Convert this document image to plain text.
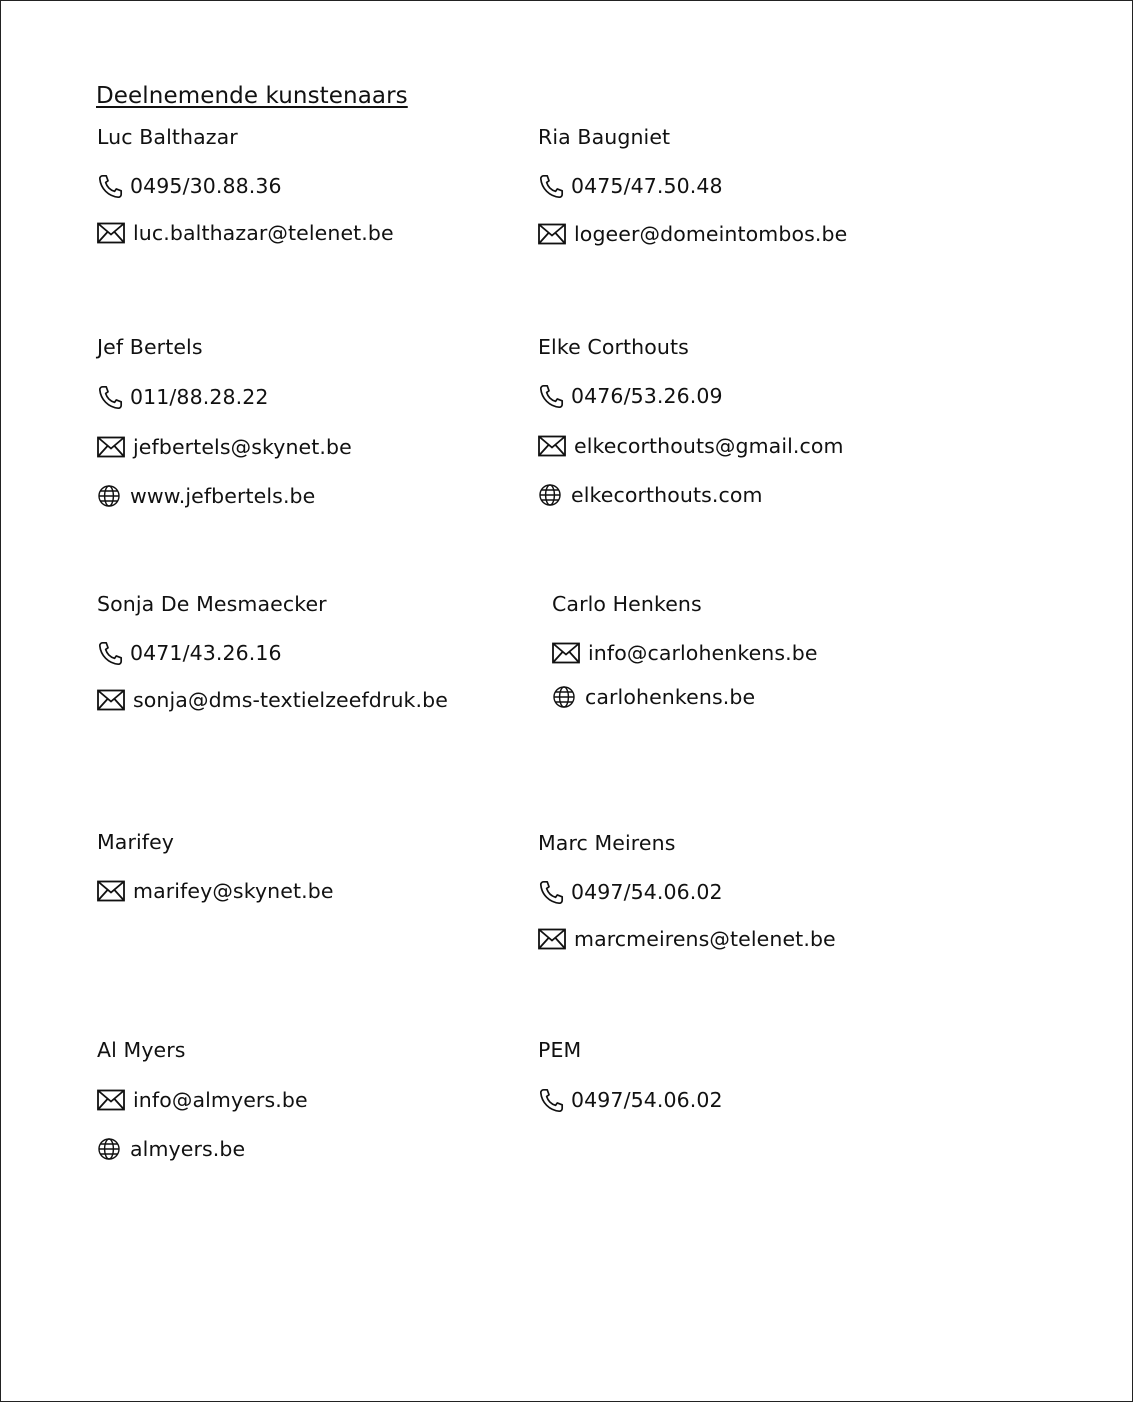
Deelnemende kunstenaars
Luc Balthazar
0495/30.88.36
luc.balthazar@telenet.be
Ria Baugniet
0475/47.50.48
logeer@domeintombos.be
Jef Bertels
011/88.28.22
jefbertels@skynet.be
www.jefbertels.be
Elke Corthouts
0476/53.26.09
elkecorthouts@gmail.com
elkecorthouts.com
Sonja De Mesmaecker
0471/43.26.16
sonja@dms-textielzeefdruk.be
Carlo Henkens
info@carlohenkens.be
carlohenkens.be
Marifey
marifey@skynet.be
Marc Meirens
0497/54.06.02
marcmeirens@telenet.be
Al Myers
info@almyers.be
almyers.be
PEM
0497/54.06.02
